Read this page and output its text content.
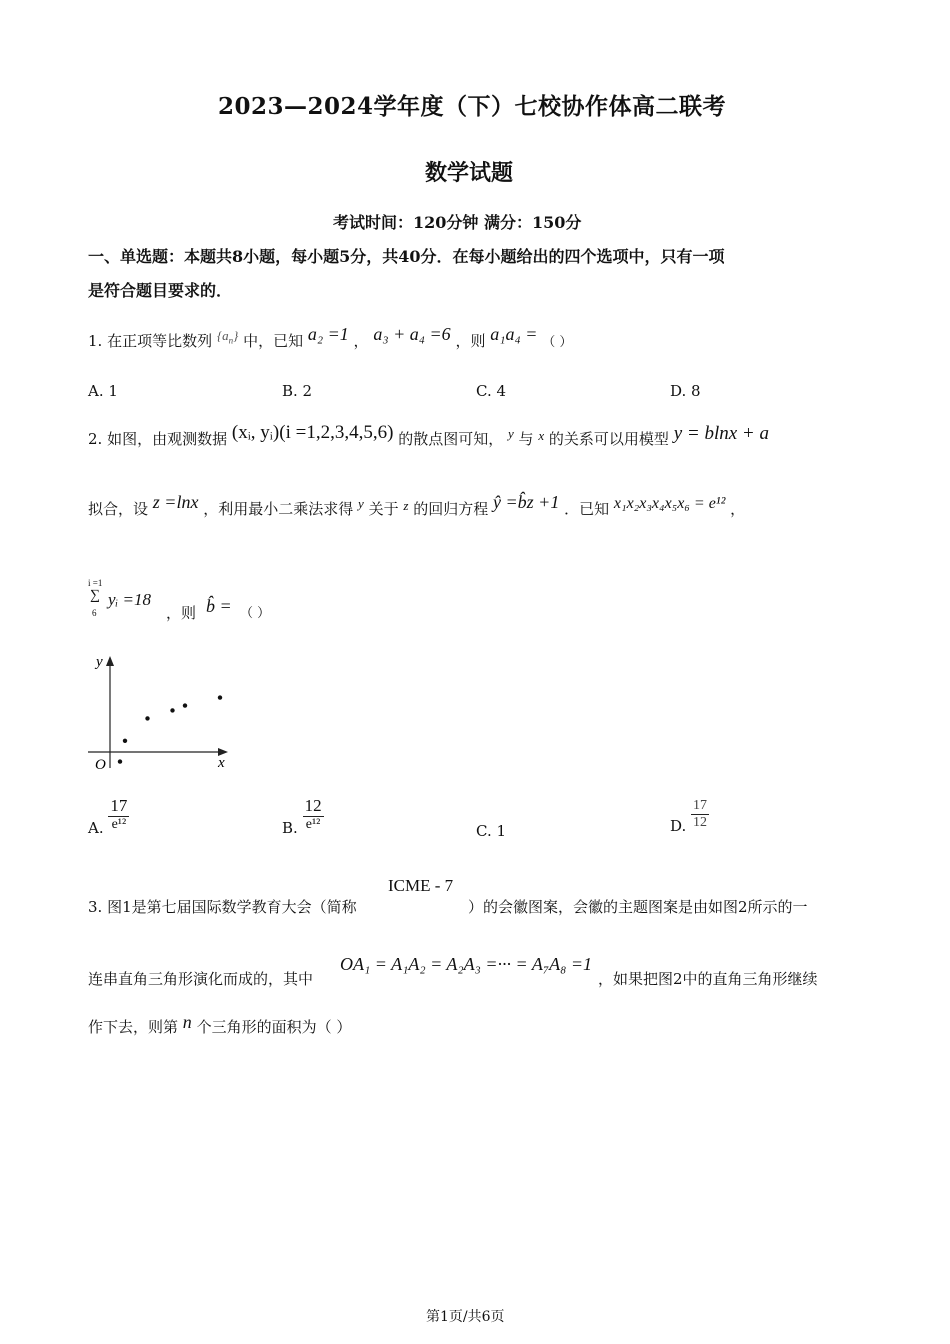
2023—2024学年度（下）七校协作体高二联考
数学试题
考试时间：120分钟 满分：150分
一、单选题：本题共8小题，每小题5分，共40分．在每小题给出的四个选项中，只有一项
是符合题目要求的．
1. 在正项等比数列 $\{a_n\}$ 中，已知 a₂ =1 ， a₃ + a₄ =6 ，则 a₁a₄ = （ ）
A. 1	B. 2	C. 4	D. 8
2. 如图，由观测数据 (xᵢ, yᵢ)(i =1,2,3,4,5,6) 的散点图可知， y 与 x 的关系可以用模型 y = blnx + a
拟合，设 z =lnx ，利用最小二乘法求得 y 关于 z 的回归方程 ŷ =b̂z +1 ．已知 x₁x₂x₃x₄x₅x₆ = e¹² ，
i =1
∑
6
yᵢ =18
，则 b̂ = （ ）
y
x
O
A. $\frac{17}{\text{e¹²}}$	B. $\frac{12}{\text{e¹²}}$	C. 1	D. $\frac{17}{12}$
3. 图1是第七届国际数学教育大会（简称
ICME - 7
）的会徽图案，会徽的主题图案是由如图2所示的一
连串直角三角形演化而成的，其中
OA₁ = A₁A₂ = A₂A₃ =··· = A₇A₈ =1
，如果把图2中的直角三角形继续
作下去，则第 n 个三角形的面积为（ ）
第1页/共6页
